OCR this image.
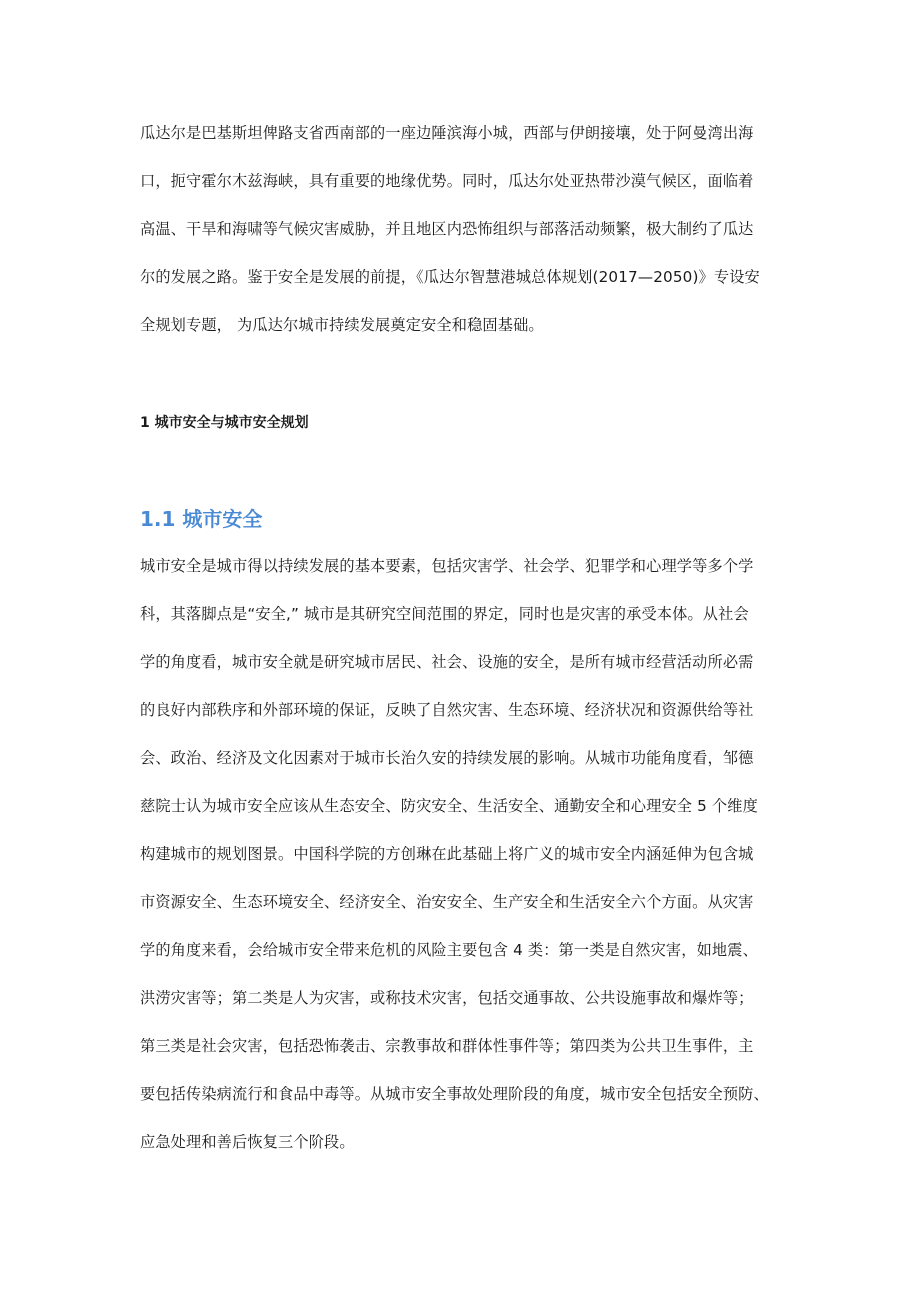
瓜达尔是巴基斯坦俾路支省西南部的一座边陲滨海小城，西部与伊朗接壤，处于阿曼湾出海
口，扼守霍尔木兹海峡，具有重要的地缘优势。同时，瓜达尔处亚热带沙漠气候区，面临着
高温、干旱和海啸等气候灾害威胁，并且地区内恐怖组织与部落活动频繁，极大制约了瓜达
尔的发展之路。鉴于安全是发展的前提，《瓜达尔智慧港城总体规划(2017—2050)》专设安
全规划专题， 为瓜达尔城市持续发展奠定安全和稳固基础。
1 城市安全与城市安全规划
1.1 城市安全
城市安全是城市得以持续发展的基本要素，包括灾害学、社会学、犯罪学和心理学等多个学
科，其落脚点是“安全,” 城市是其研究空间范围的界定，同时也是灾害的承受本体。从社会
学的角度看，城市安全就是研究城市居民、社会、设施的安全，是所有城市经营活动所必需
的良好内部秩序和外部环境的保证，反映了自然灾害、生态环境、经济状况和资源供给等社
会、政治、经济及文化因素对于城市长治久安的持续发展的影响。从城市功能角度看，邹德
慈院士认为城市安全应该从生态安全、防灾安全、生活安全、通勤安全和心理安全 5 个维度
构建城市的规划图景。中国科学院的方创琳在此基础上将广义的城市安全内涵延伸为包含城
市资源安全、生态环境安全、经济安全、治安安全、生产安全和生活安全六个方面。从灾害
学的角度来看，会给城市安全带来危机的风险主要包含 4 类：第一类是自然灾害，如地震、
洪涝灾害等；第二类是人为灾害，或称技术灾害，包括交通事故、公共设施事故和爆炸等；
第三类是社会灾害，包括恐怖袭击、宗教事故和群体性事件等；第四类为公共卫生事件，主
要包括传染病流行和食品中毒等。从城市安全事故处理阶段的角度，城市安全包括安全预防、
应急处理和善后恢复三个阶段。
